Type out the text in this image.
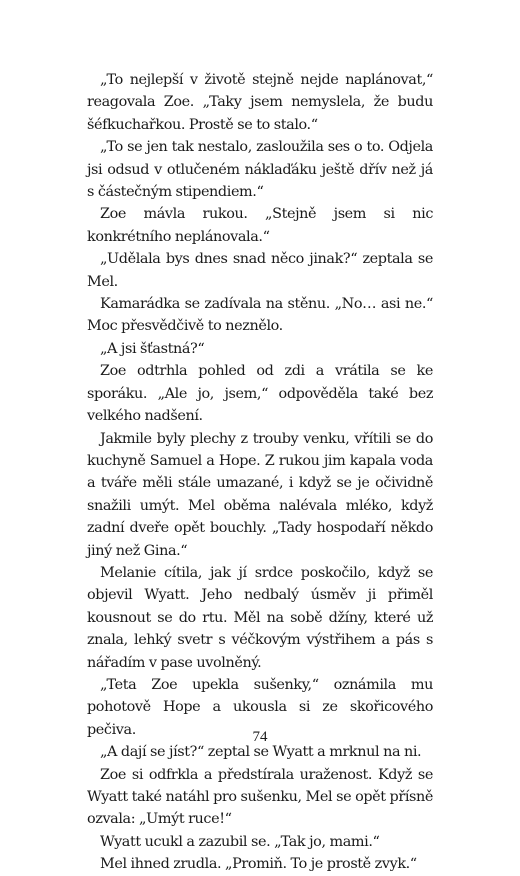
„To nejlepší v životě stejně nejde naplánovat,“ reagovala Zoe. „Taky jsem nemyslela, že budu šéfkuchařkou. Prostě se to stalo.“

„To se jen tak nestalo, zasloužila ses o to. Odjela jsi odsud v otlučeném náklaďáku ještě dřív než já s částečným stipendiem.“

Zoe mávla rukou. „Stejně jsem si nic konkrétního neplánovala.“

„Udělala bys dnes snad něco jinak?“ zeptala se Mel.

Kamarádka se zadívala na stěnu. „No… asi ne.“ Moc přesvědčivě to neznělo.

„A jsi šťastná?“

Zoe odtrhla pohled od zdi a vrátila se ke sporáku. „Ale jo, jsem,“ odpověděla také bez velkého nadšení.

Jakmile byly plechy z trouby venku, vřítili se do kuchyně Samuel a Hope. Z rukou jim kapala voda a tváře měli stále umazané, i když se je očividně snažili umýt. Mel oběma nalévala mléko, když zadní dveře opět bouchly. „Tady hospodaří někdo jiný než Gina.“

Melanie cítila, jak jí srdce poskočilo, když se objevil Wyatt. Jeho nedbalý úsměv ji přiměl kousnout se do rtu. Měl na sobě džíny, které už znala, lehký svetr s véčkovým výstřihem a pás s nářadím v pase uvolněný.

„Teta Zoe upekla sušenky,“ oznámila mu pohotově Hope a ukousla si ze skořicového pečiva.

„A dají se jíst?“ zeptal se Wyatt a mrknul na ni.

Zoe si odfrkla a předstírala uraženost. Když se Wyatt také natáhl pro sušenku, Mel se opět přísně ozvala: „Umýt ruce!“

Wyatt ucukl a zazubil se. „Tak jo, mami.“

Mel ihned zrudla. „Promiň. To je prostě zvyk.“

74
